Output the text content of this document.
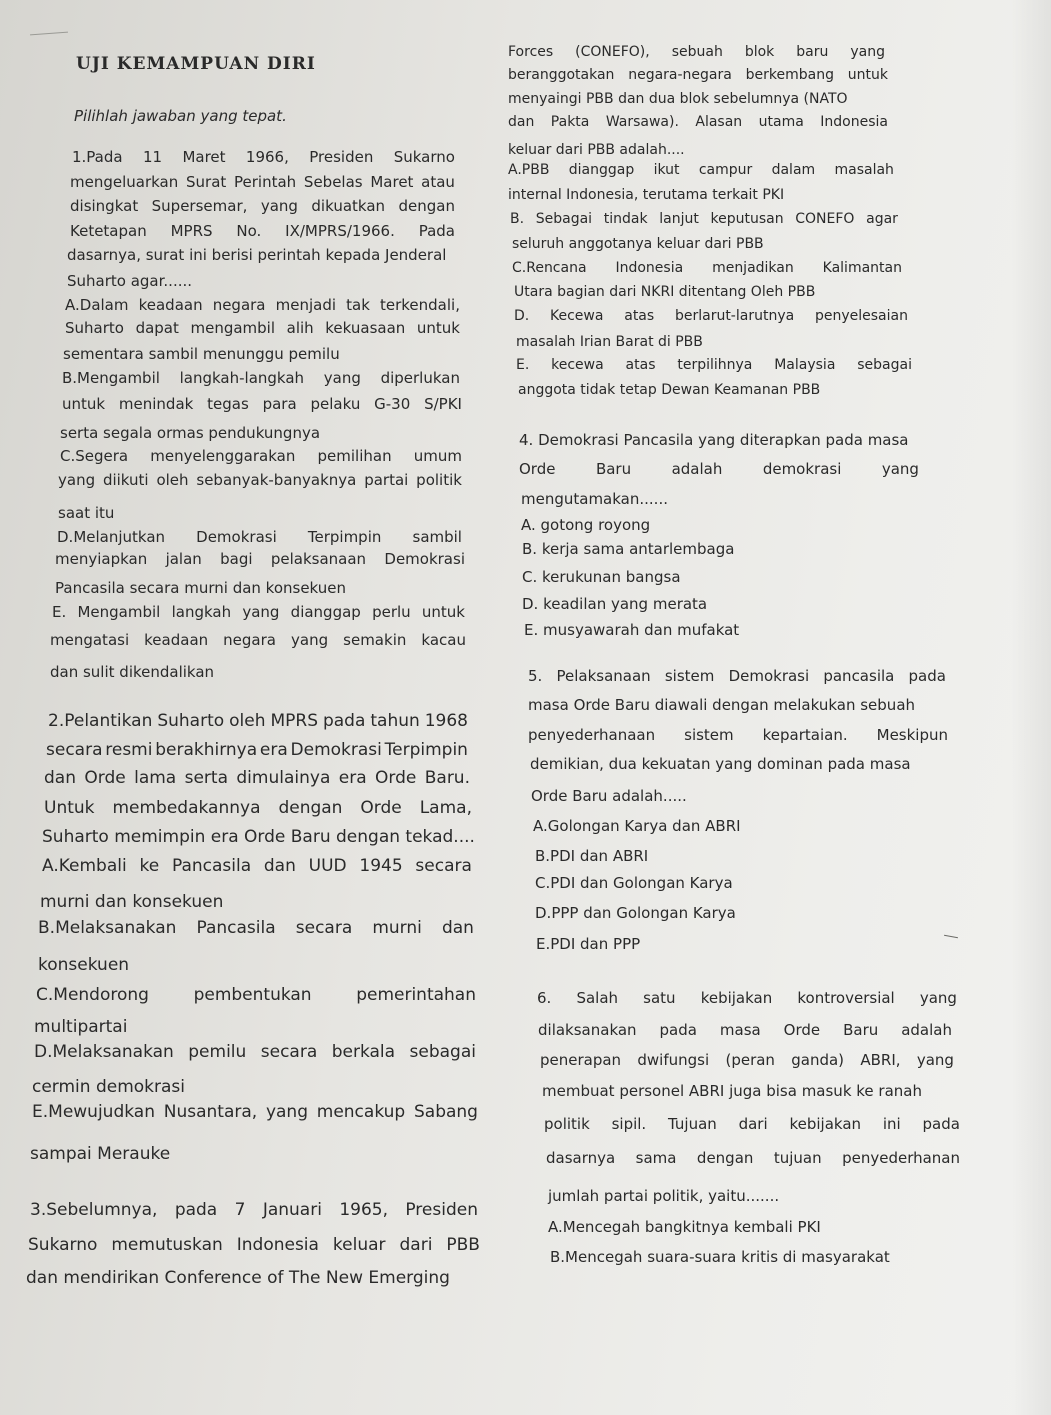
UJI KEMAMPUAN DIRI
Pilihlah jawaban yang tepat.
1.Pada 11 Maret 1966, Presiden Sukarno
mengeluarkan Surat Perintah Sebelas Maret atau
disingkat Supersemar, yang dikuatkan dengan
Ketetapan MPRS No. IX/MPRS/1966. Pada
dasarnya, surat ini berisi perintah kepada Jenderal
Suharto agar......
A.Dalam keadaan negara menjadi tak terkendali,
Suharto dapat mengambil alih kekuasaan untuk
sementara sambil menunggu pemilu
B.Mengambil langkah-langkah yang diperlukan
untuk menindak tegas para pelaku G-30 S/PKI
serta segala ormas pendukungnya
C.Segera menyelenggarakan pemilihan umum
yang diikuti oleh sebanyak-banyaknya partai politik
saat itu
D.Melanjutkan Demokrasi Terpimpin sambil
menyiapkan jalan bagi pelaksanaan Demokrasi
Pancasila secara murni dan konsekuen
E. Mengambil langkah yang dianggap perlu untuk
mengatasi keadaan negara yang semakin kacau
dan sulit dikendalikan
2.Pelantikan Suharto oleh MPRS pada tahun 1968
secara resmi berakhirnya era Demokrasi Terpimpin
dan Orde lama serta dimulainya era Orde Baru.
Untuk membedakannya dengan Orde Lama,
Suharto memimpin era Orde Baru dengan tekad....
A.Kembali ke Pancasila dan UUD 1945 secara
murni dan konsekuen
B.Melaksanakan Pancasila secara murni dan
konsekuen
C.Mendorong	pembentukan	pemerintahan
multipartai
D.Melaksanakan pemilu secara berkala sebagai
cermin demokrasi
E.Mewujudkan Nusantara, yang mencakup Sabang
sampai Merauke
3.Sebelumnya, pada 7 Januari 1965, Presiden
Sukarno memutuskan Indonesia keluar dari PBB
dan mendirikan Conference of The New Emerging
Forces (CONEFO), sebuah blok baru yang
beranggotakan negara-negara berkembang untuk
menyaingi PBB dan dua blok sebelumnya (NATO
dan Pakta Warsawa). Alasan utama Indonesia
keluar dari PBB adalah....
A.PBB dianggap ikut campur dalam masalah
internal Indonesia, terutama terkait PKI
B. Sebagai tindak lanjut keputusan CONEFO agar
seluruh anggotanya keluar dari PBB
C.Rencana Indonesia menjadikan Kalimantan
Utara bagian dari NKRI ditentang Oleh PBB
D. Kecewa atas berlarut-larutnya penyelesaian
masalah Irian Barat di PBB
E. kecewa atas terpilihnya Malaysia sebagai
anggota tidak tetap Dewan Keamanan PBB
4. Demokrasi Pancasila yang diterapkan pada masa
Orde	Baru	adalah	demokrasi	yang
mengutamakan......
A. gotong royong
B. kerja sama antarlembaga
C. kerukunan bangsa
D. keadilan yang merata
E. musyawarah dan mufakat
5. Pelaksanaan sistem Demokrasi pancasila pada
masa Orde Baru diawali dengan melakukan sebuah
penyederhanaan sistem kepartaian. Meskipun
demikian, dua kekuatan yang dominan pada masa
Orde Baru adalah.....
A.Golongan Karya dan ABRI
B.PDI dan ABRI
C.PDI dan Golongan Karya
D.PPP dan Golongan Karya
E.PDI dan PPP
6. Salah satu kebijakan kontroversial yang
dilaksanakan pada masa Orde Baru adalah
penerapan dwifungsi (peran ganda) ABRI, yang
membuat personel ABRI juga bisa masuk ke ranah
politik sipil. Tujuan dari kebijakan ini pada
dasarnya sama dengan tujuan penyederhanan
jumlah partai politik, yaitu.......
A.Mencegah bangkitnya kembali PKI
B.Mencegah suara-suara kritis di masyarakat
